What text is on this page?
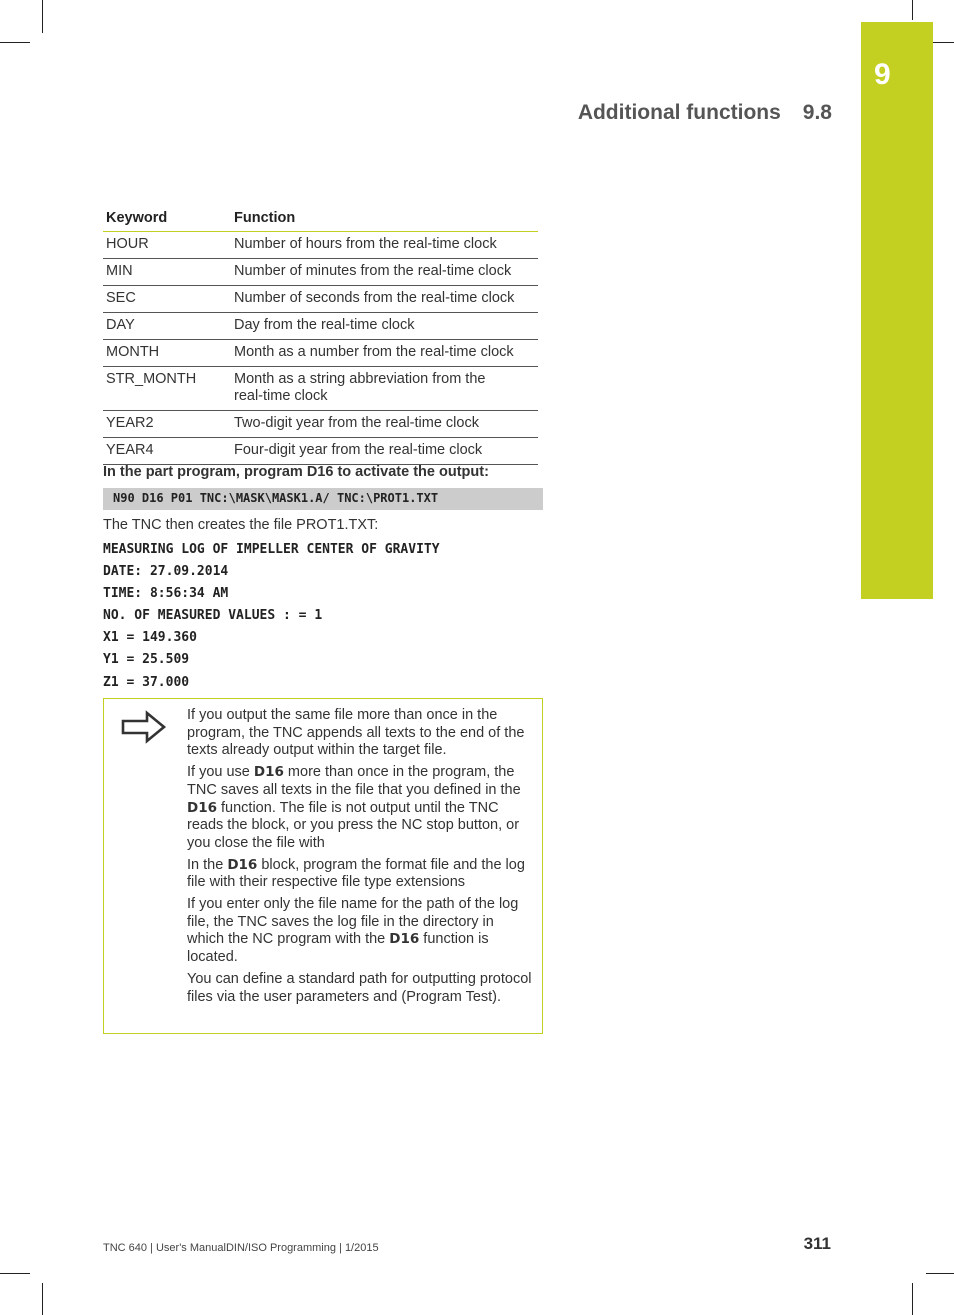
9
Additional functions 9.8
Keyword	Function
HOUR	Number of hours from the real-time clock
MIN	Number of minutes from the real-time clock
SEC	Number of seconds from the real-time clock
DAY	Day from the real-time clock
MONTH	Month as a number from the real-time clock
STR_MONTH	Month as a string abbreviation from the real-time clock
YEAR2	Two-digit year from the real-time clock
YEAR4	Four-digit year from the real-time clock
In the part program, program D16 to activate the output:
N90 D16 P01 TNC:\MASK\MASK1.A/ TNC:\PROT1.TXT
The TNC then creates the file PROT1.TXT:
MEASURING LOG OF IMPELLER CENTER OF GRAVITY
DATE: 27.09.2014
TIME: 8:56:34 AM
NO. OF MEASURED VALUES : = 1
X1 = 149.360
Y1 = 25.509
Z1 = 37.000

If you output the same file more than once in the program, the TNC appends all texts to the end of the texts already output within the target file.

If you use D16 more than once in the program, the TNC saves all texts in the file that you defined in the D16 function. The file is not output until the TNC reads the block, or you press the NC stop button, or you close the file with

In the D16 block, program the format file and the log file with their respective file type extensions

If you enter only the file name for the path of the log file, the TNC saves the log file in the directory in which the NC program with the D16 function is located.

You can define a standard path for outputting protocol files via the user parameters and (Program Test).

TNC 640 | User's ManualDIN/ISO Programming | 1/2015	311
